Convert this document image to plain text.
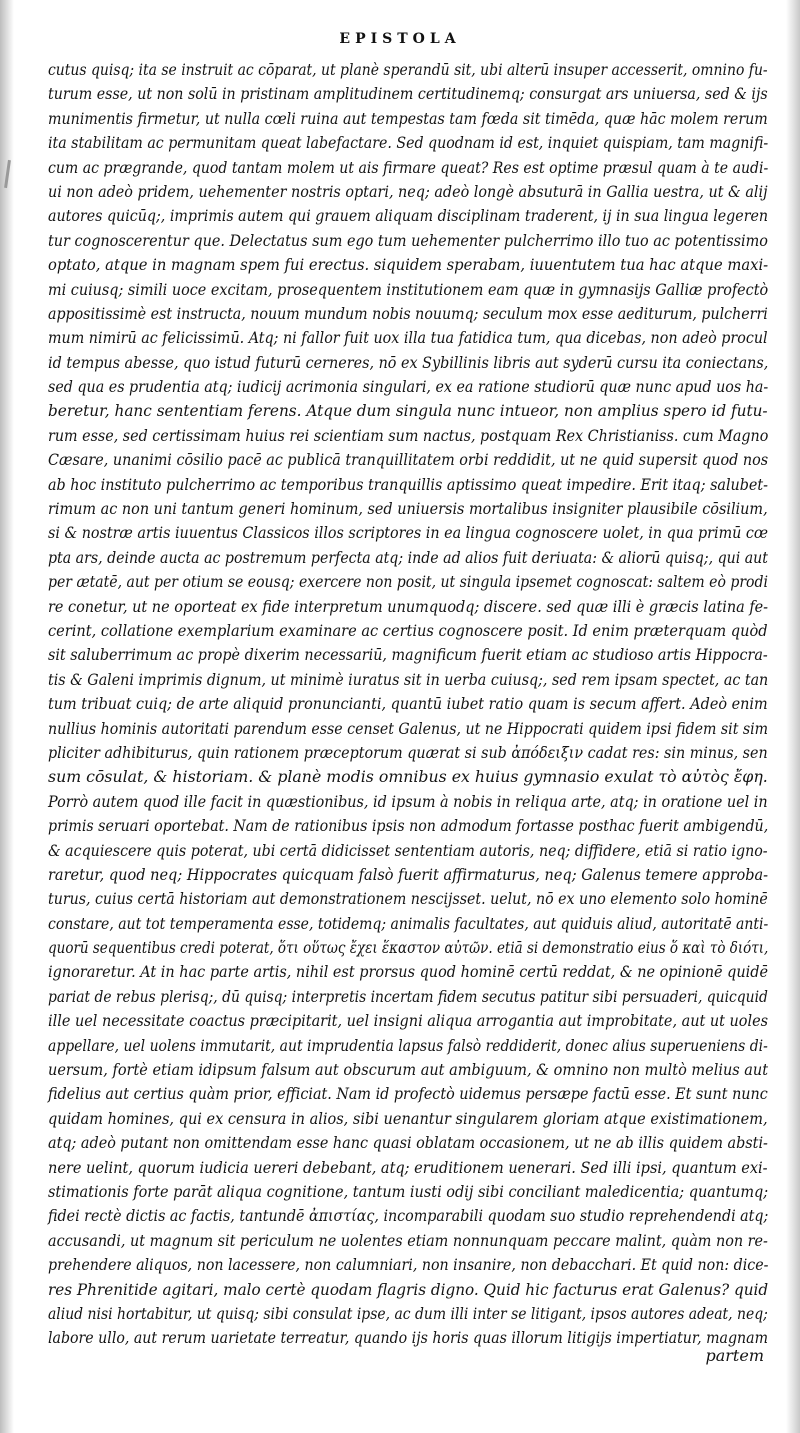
EPISTOLA
cutus quisq; ita se instruit ac cōparat, ut planè sperandū sit, ubi alterū insuper accesserit, omnino fu-
turum esse, ut non solū in pristinam amplitudinem certitudinemq; consurgat ars uniuersa, sed & ijs
munimentis firmetur, ut nulla cœli ruina aut tempestas tam fœda sit timēda, quæ hāc molem rerum
ita stabilitam ac permunitam queat labefactare. Sed quodnam id est, inquiet quispiam, tam magnifi-
cum ac prægrande, quod tantam molem ut ais firmare queat? Res est optime præsul quam à te audi-
ui non adeò pridem, uehementer nostris optari, neq; adeò longè absuturā in Gallia uestra, ut & alij
autores quicūq;, imprimis autem qui grauem aliquam disciplinam traderent, ij in sua lingua legeren
tur cognoscerentur que. Delectatus sum ego tum uehementer pulcherrimo illo tuo ac potentissimo
optato, atque in magnam spem fui erectus. siquidem sperabam, iuuentutem tua hac atque maxi-
mi cuiusq; simili uoce excitam, prosequentem institutionem eam quæ in gymnasijs Galliæ profectò
appositissimè est instructa, nouum mundum nobis nouumq; seculum mox esse aediturum, pulcherri
mum nimirū ac felicissimū. Atq; ni fallor fuit uox illa tua fatidica tum, qua dicebas, non adeò procul
id tempus abesse, quo istud futurū cerneres, nō ex Sybillinis libris aut syderū cursu ita coniectans,
sed qua es prudentia atq; iudicij acrimonia singulari, ex ea ratione studiorū quæ nunc apud uos ha-
beretur, hanc sententiam ferens. Atque dum singula nunc intueor, non amplius spero id futu-
rum esse, sed certissimam huius rei scientiam sum nactus, postquam Rex Christianiss. cum Magno
Cæsare, unanimi cōsilio pacē ac publicā tranquillitatem orbi reddidit, ut ne quid supersit quod nos
ab hoc instituto pulcherrimo ac temporibus tranquillis aptissimo queat impedire. Erit itaq; salubet-
rimum ac non uni tantum generi hominum, sed uniuersis mortalibus insigniter plausibile cōsilium,
si & nostræ artis iuuentus Classicos illos scriptores in ea lingua cognoscere uolet, in qua primū cœ
pta ars, deinde aucta ac postremum perfecta atq; inde ad alios fuit deriuata: & aliorū quisq;, qui aut
per ætatē, aut per otium se eousq; exercere non posit, ut singula ipsemet cognoscat: saltem eò prodi
re conetur, ut ne oporteat ex fide interpretum unumquodq; discere. sed quæ illi è græcis latina fe-
cerint, collatione exemplarium examinare ac certius cognoscere posit. Id enim præterquam quòd
sit saluberrimum ac propè dixerim necessariū, magnificum fuerit etiam ac studioso artis Hippocra-
tis & Galeni imprimis dignum, ut minimè iuratus sit in uerba cuiusq;, sed rem ipsam spectet, ac tan
tum tribuat cuiq; de arte aliquid pronuncianti, quantū iubet ratio quam is secum affert. Adeò enim
nullius hominis autoritati parendum esse censet Galenus, ut ne Hippocrati quidem ipsi fidem sit sim
pliciter adhibiturus, quin rationem præceptorum quærat si sub ἀπόδειξιν cadat res: sin minus, sen
sum cōsulat, & historiam. & planè modis omnibus ex huius gymnasio exulat τὸ αὐτὸς ἔφη.
Porrò autem quod ille facit in quæstionibus, id ipsum à nobis in reliqua arte, atq; in oratione uel in
primis seruari oportebat. Nam de rationibus ipsis non admodum fortasse posthac fuerit ambigendū,
& acquiescere quis poterat, ubi certā didicisset sententiam autoris, neq; diffidere, etiā si ratio igno-
raretur, quod neq; Hippocrates quicquam falsò fuerit affirmaturus, neq; Galenus temere approba-
turus, cuius certā historiam aut demonstrationem nescijsset. uelut, nō ex uno elemento solo hominē
constare, aut tot temperamenta esse, totidemq; animalis facultates, aut quiduis aliud, autoritatē anti-
quorū sequentibus credi poterat, ὅτι οὕτως ἔχει ἕκαστον αὐτῶν. etiā si demonstratio eius ὅ καὶ τὸ διότι,
ignoraretur. At in hac parte artis, nihil est prorsus quod hominē certū reddat, & ne opinionē quidē
pariat de rebus plerisq;, dū quisq; interpretis incertam fidem secutus patitur sibi persuaderi, quicquid
ille uel necessitate coactus præcipitarit, uel insigni aliqua arrogantia aut improbitate, aut ut uoles
appellare, uel uolens immutarit, aut imprudentia lapsus falsò reddiderit, donec alius superueniens di-
uersum, fortè etiam idipsum falsum aut obscurum aut ambiguum, & omnino non multò melius aut
fidelius aut certius quàm prior, efficiat. Nam id profectò uidemus persæpe factū esse. Et sunt nunc
quidam homines, qui ex censura in alios, sibi uenantur singularem gloriam atque existimationem,
atq; adeò putant non omittendam esse hanc quasi oblatam occasionem, ut ne ab illis quidem absti-
nere uelint, quorum iudicia uereri debebant, atq; eruditionem uenerari. Sed illi ipsi, quantum exi-
stimationis forte parāt aliqua cognitione, tantum iusti odij sibi conciliant maledicentia; quantumq;
fidei rectè dictis ac factis, tantundē ἀπιστίας, incomparabili quodam suo studio reprehendendi atq;
accusandi, ut magnum sit periculum ne uolentes etiam nonnunquam peccare malint, quàm non re-
prehendere aliquos, non lacessere, non calumniari, non insanire, non debacchari. Et quid non: dice-
res Phrenitide agitari, malo certè quodam flagris digno. Quid hic facturus erat Galenus? quid
aliud nisi hortabitur, ut quisq; sibi consulat ipse, ac dum illi inter se litigant, ipsos autores adeat, neq;
labore ullo, aut rerum uarietate terreatur, quando ijs horis quas illorum litigijs impertiatur, magnam
partem
